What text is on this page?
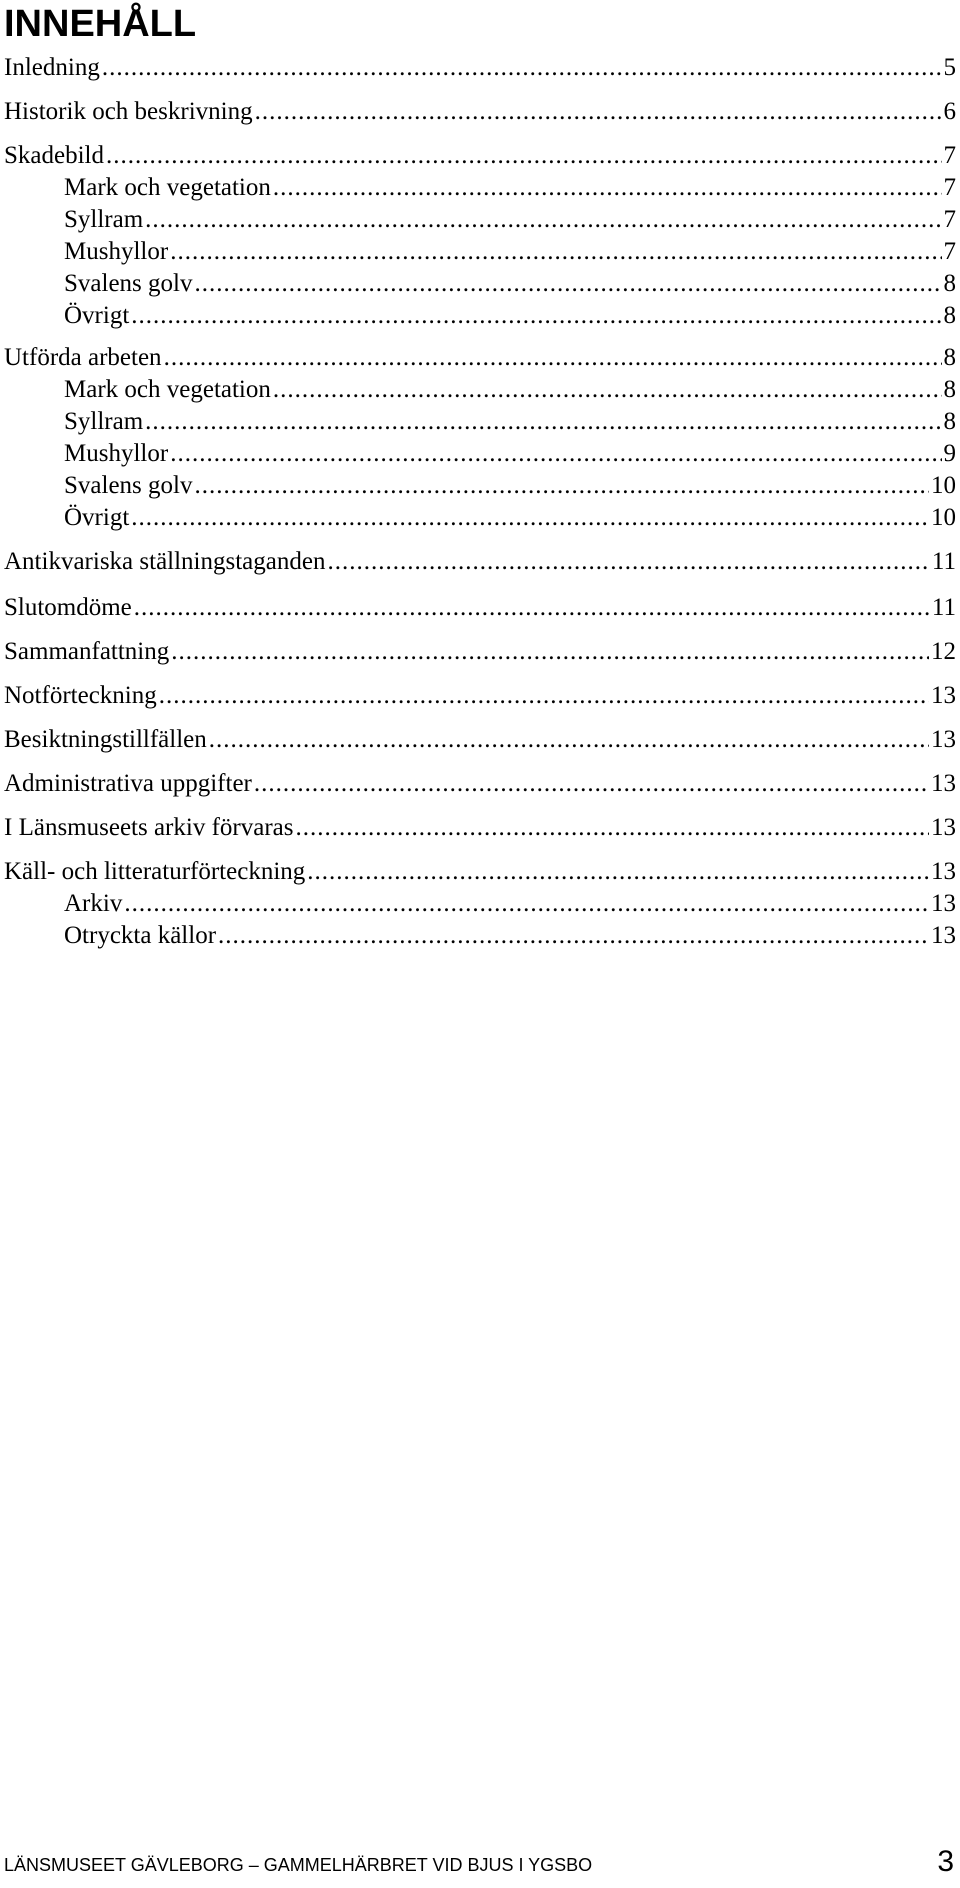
INNEHÅLL
Inledning .....	5
Historik och beskrivning .....	6
Skadebild .....	7
Mark och vegetation .....	7
Syllram .....	7
Mushyllor .....	7
Svalens golv .....	8
Övrigt .....	8
Utförda arbeten .....	8
Mark och vegetation .....	8
Syllram .....	8
Mushyllor .....	9
Svalens golv .....	10
Övrigt .....	10
Antikvariska ställningstaganden .....	11
Slutomdöme .....	11
Sammanfattning .....	12
Notförteckning .....	13
Besiktningstillfällen .....	13
Administrativa uppgifter .....	13
I Länsmuseets arkiv förvaras .....	13
Käll- och litteraturförteckning .....	13
Arkiv .....	13
Otryckta källor .....	13
LÄNSMUSEET GÄVLEBORG – GAMMELHÄRBRET VID BJUS I YGSBO	3
